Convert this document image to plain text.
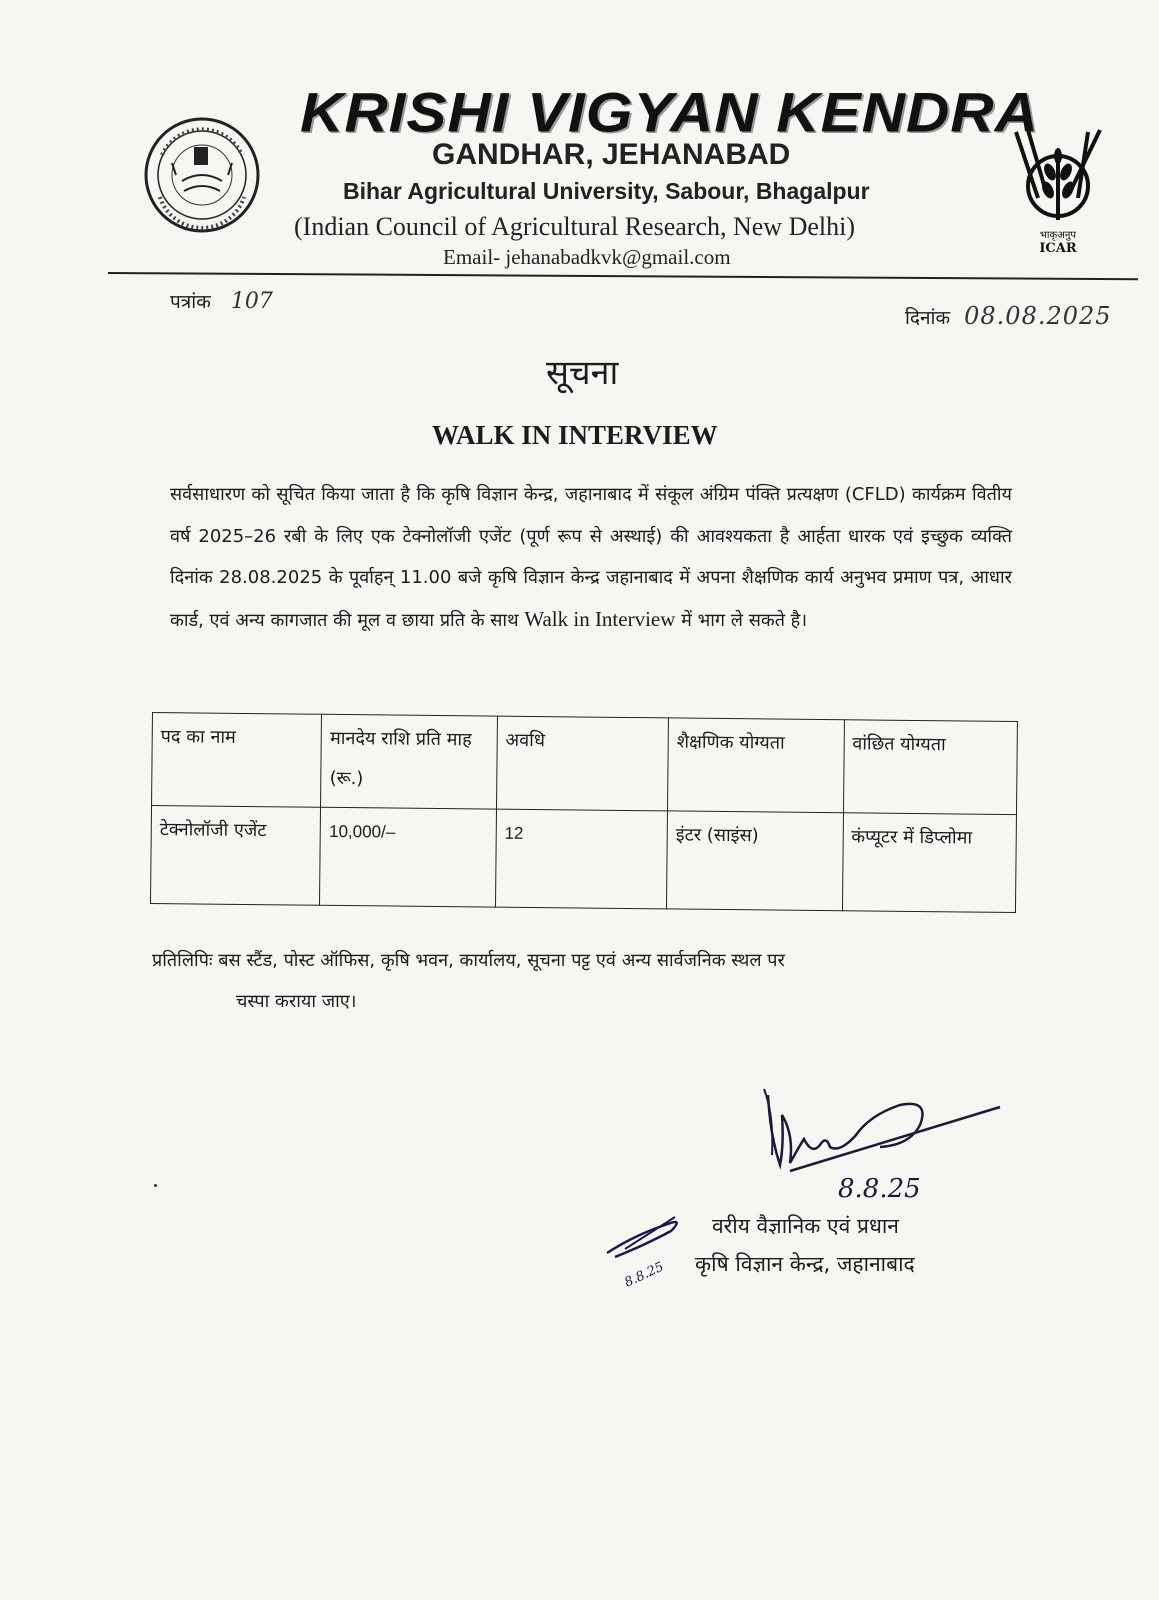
KRISHI VIGYAN KENDRA
GANDHAR, JEHANABAD
Bihar Agricultural University, Sabour, Bhagalpur
(Indian Council of Agricultural Research, New Delhi)
Email- jehanabadkvk@gmail.com
भाकृअनुप
ICAR
पत्रांक 107
दिनांक 08.08.2025
सूचना
WALK IN INTERVIEW
सर्वसाधारण को सूचित किया जाता है कि कृषि विज्ञान केन्द्र, जहानाबाद में संकूल अंग्रिम पंक्ति प्रत्यक्षण (CFLD) कार्यक्रम वितीय वर्ष 2025–26 रबी के लिए एक टेक्नोलॉजी एजेंट (पूर्ण रूप से अस्थाई) की आवश्यकता है आर्हता धारक एवं इच्छुक व्यक्ति दिनांक 28.08.2025 के पूर्वाहन् 11.00 बजे कृषि विज्ञान केन्द्र जहानाबाद में अपना शैक्षणिक कार्य अनुभव प्रमाण पत्र, आधार कार्ड, एवं अन्य कागजात की मूल व छाया प्रति के साथ Walk in Interview में भाग ले सकते है।
पद का नाम	मानदेय राशि प्रति माह (रू.)	अवधि	शैक्षणिक योग्यता	वांछित योग्यता
टेक्नोलॉजी एजेंट	10,000/–	12	इंटर (साइंस)	कंप्यूटर में डिप्लोमा
प्रतिलिपिः बस स्टैंड, पोस्ट ऑफिस, कृषि भवन, कार्यालय, सूचना पट्ट एवं अन्य सार्वजनिक स्थल पर
चस्पा कराया जाए।
8.8.25
8.8.25
वरीय वैज्ञानिक एवं प्रधान
कृषि विज्ञान केन्द्र, जहानाबाद
